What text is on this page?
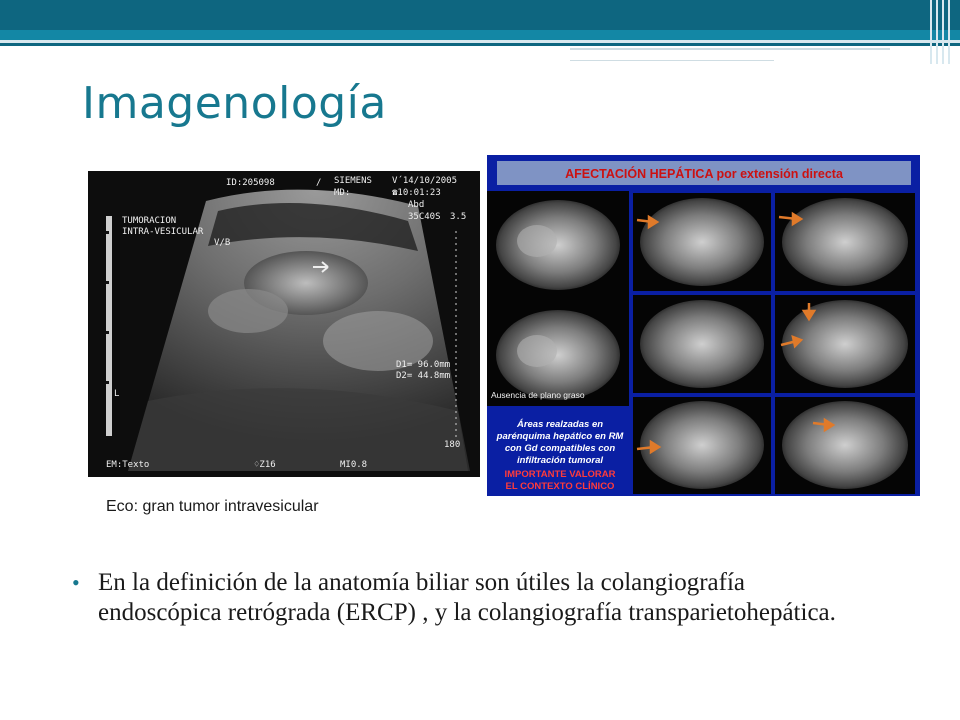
Imagenología
ID:205098	/
MD:
SIEMENS V´14/10/2005
☎10:01:23
Abd
35C40S 3.5
TUMORACION
INTRA-VESICULAR
V/B
D1= 96.0mm
D2= 44.8mm
L
180
EM:Texto	♢Z16	MI0.8
Eco: gran tumor intravesicular
AFECTACIÓN HEPÁTICA por extensión directa
Ausencia de plano graso
Áreas realzadas en
parénquima hepático en RM
con Gd compatibles con
infiltración tumoral
IMPORTANTE VALORAR
EL CONTEXTO CLÍNICO
• En la definición de la anatomía biliar son útiles la colangiografía endoscópica retrógrada (ERCP) , y la colangiografía transparietohepática.
